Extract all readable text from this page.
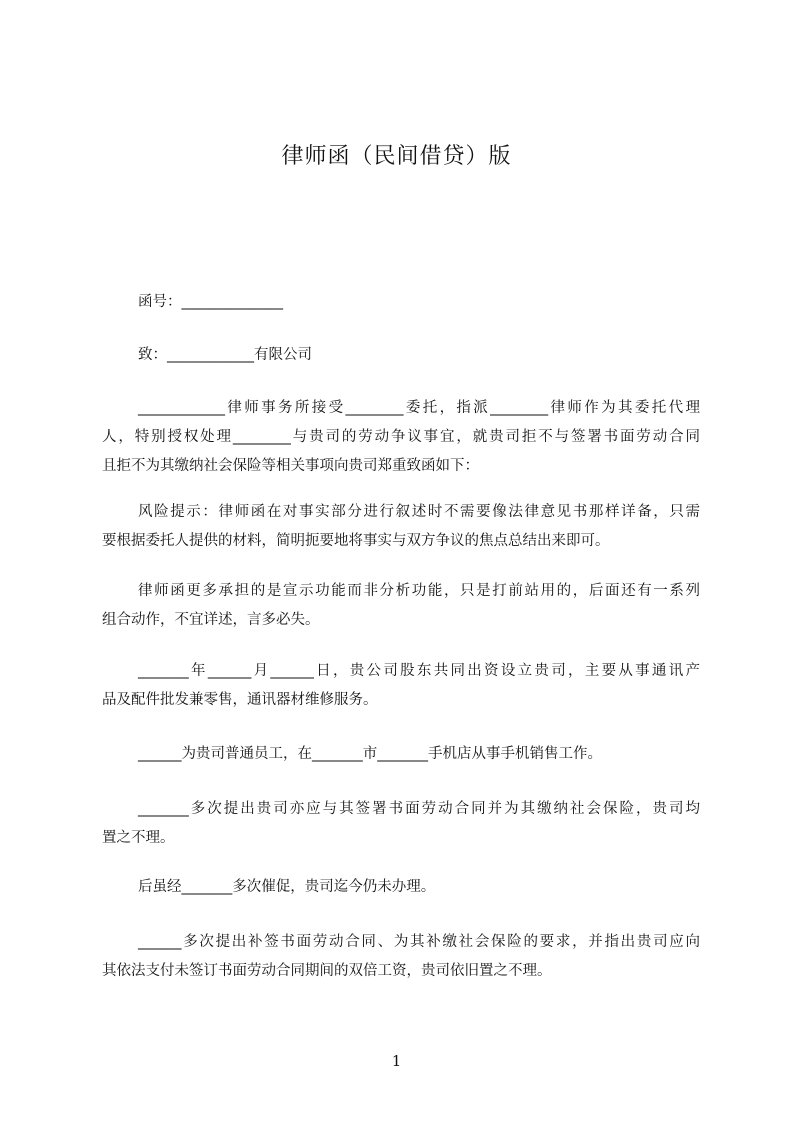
律师函（民间借贷）版
函号：______________
致：____________有限公司
____________律师事务所接受________委托，指派________律师作为其委托代理
人，特别授权处理________与贵司的劳动争议事宜，就贵司拒不与签署书面劳动合同
且拒不为其缴纳社会保险等相关事项向贵司郑重致函如下：
风险提示：律师函在对事实部分进行叙述时不需要像法律意见书那样详备，只需
要根据委托人提供的材料，简明扼要地将事实与双方争议的焦点总结出来即可。
律师函更多承担的是宣示功能而非分析功能，只是打前站用的，后面还有一系列
组合动作，不宜详述，言多必失。
_______年______月______日，贵公司股东共同出资设立贵司，主要从事通讯产
品及配件批发兼零售，通讯器材维修服务。
______为贵司普通员工，在_______市_______手机店从事手机销售工作。
_______多次提出贵司亦应与其签署书面劳动合同并为其缴纳社会保险，贵司均
置之不理。
后虽经_______多次催促，贵司迄今仍未办理。
______多次提出补签书面劳动合同、为其补缴社会保险的要求，并指出贵司应向
其依法支付未签订书面劳动合同期间的双倍工资，贵司依旧置之不理。
1
